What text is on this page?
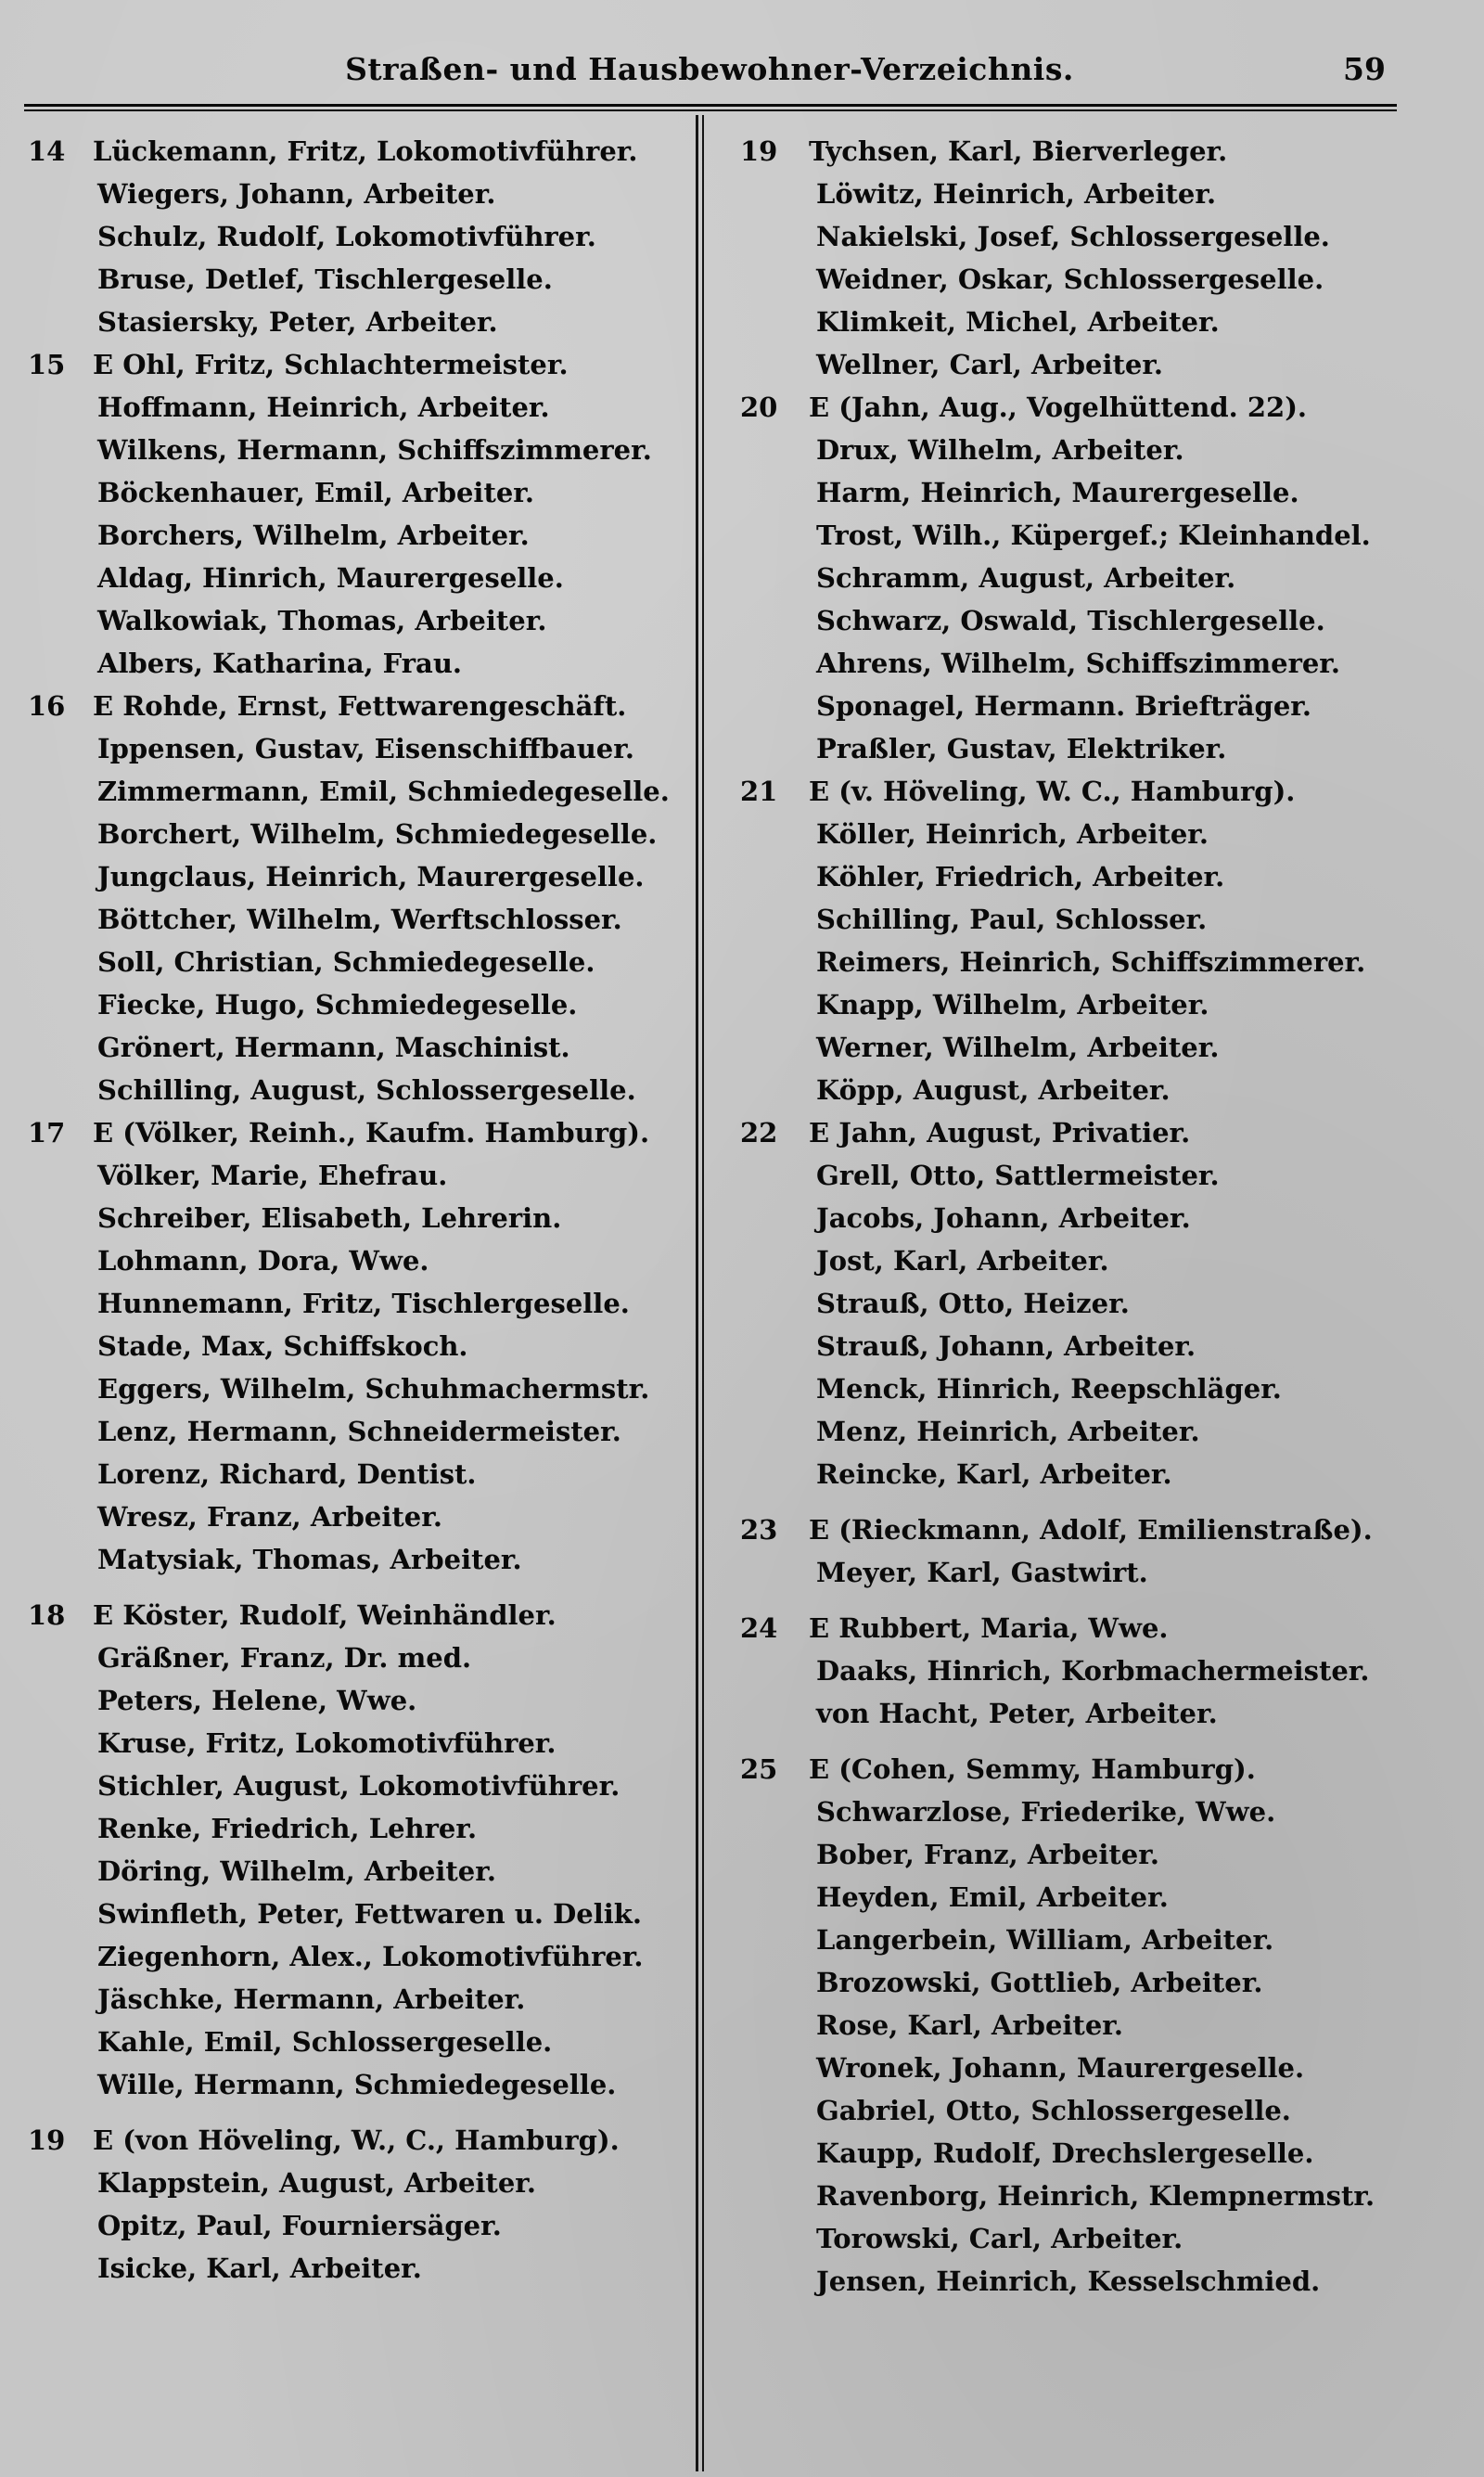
Straßen- und Hausbewohner-Verzeichnis.	59
14	Lückemann, Fritz, Lokomotivführer.
Wiegers, Johann, Arbeiter.
Schulz, Rudolf, Lokomotivführer.
Bruse, Detlef, Tischlergeselle.
Stasiersky, Peter, Arbeiter.
15	E Ohl, Fritz, Schlachtermeister.
Hoffmann, Heinrich, Arbeiter.
Wilkens, Hermann, Schiffszimmerer.
Böckenhauer, Emil, Arbeiter.
Borchers, Wilhelm, Arbeiter.
Aldag, Hinrich, Maurergeselle.
Walkowiak, Thomas, Arbeiter.
Albers, Katharina, Frau.
16	E Rohde, Ernst, Fettwarengeschäft.
Ippensen, Gustav, Eisenschiffbauer.
Zimmermann, Emil, Schmiedegeselle.
Borchert, Wilhelm, Schmiedegeselle.
Jungclaus, Heinrich, Maurergeselle.
Böttcher, Wilhelm, Werftschlosser.
Soll, Christian, Schmiedegeselle.
Fiecke, Hugo, Schmiedegeselle.
Grönert, Hermann, Maschinist.
Schilling, August, Schlossergeselle.
17	E (Völker, Reinh., Kaufm. Hamburg).
Völker, Marie, Ehefrau.
Schreiber, Elisabeth, Lehrerin.
Lohmann, Dora, Wwe.
Hunnemann, Fritz, Tischlergeselle.
Stade, Max, Schiffskoch.
Eggers, Wilhelm, Schuhmachermstr.
Lenz, Hermann, Schneidermeister.
Lorenz, Richard, Dentist.
Wresz, Franz, Arbeiter.
Matysiak, Thomas, Arbeiter.
18	E Köster, Rudolf, Weinhändler.
Gräßner, Franz, Dr. med.
Peters, Helene, Wwe.
Kruse, Fritz, Lokomotivführer.
Stichler, August, Lokomotivführer.
Renke, Friedrich, Lehrer.
Döring, Wilhelm, Arbeiter.
Swinfleth, Peter, Fettwaren u. Delik.
Ziegenhorn, Alex., Lokomotivführer.
Jäschke, Hermann, Arbeiter.
Kahle, Emil, Schlossergeselle.
Wille, Hermann, Schmiedegeselle.
19	E (von Höveling, W., C., Hamburg).
Klappstein, August, Arbeiter.
Opitz, Paul, Fourniersäger.
Isicke, Karl, Arbeiter.
19	Tychsen, Karl, Bierverleger.
Löwitz, Heinrich, Arbeiter.
Nakielski, Josef, Schlossergeselle.
Weidner, Oskar, Schlossergeselle.
Klimkeit, Michel, Arbeiter.
Wellner, Carl, Arbeiter.
20	E (Jahn, Aug., Vogelhüttend. 22).
Drux, Wilhelm, Arbeiter.
Harm, Heinrich, Maurergeselle.
Trost, Wilh., Küpergef.; Kleinhandel.
Schramm, August, Arbeiter.
Schwarz, Oswald, Tischlergeselle.
Ahrens, Wilhelm, Schiffszimmerer.
Sponagel, Hermann. Briefträger.
Praßler, Gustav, Elektriker.
21	E (v. Höveling, W. C., Hamburg).
Köller, Heinrich, Arbeiter.
Köhler, Friedrich, Arbeiter.
Schilling, Paul, Schlosser.
Reimers, Heinrich, Schiffszimmerer.
Knapp, Wilhelm, Arbeiter.
Werner, Wilhelm, Arbeiter.
Köpp, August, Arbeiter.
22	E Jahn, August, Privatier.
Grell, Otto, Sattlermeister.
Jacobs, Johann, Arbeiter.
Jost, Karl, Arbeiter.
Strauß, Otto, Heizer.
Strauß, Johann, Arbeiter.
Menck, Hinrich, Reepschläger.
Menz, Heinrich, Arbeiter.
Reincke, Karl, Arbeiter.
23	E (Rieckmann, Adolf, Emilienstraße).
Meyer, Karl, Gastwirt.
24	E Rubbert, Maria, Wwe.
Daaks, Hinrich, Korbmachermeister.
von Hacht, Peter, Arbeiter.
25	E (Cohen, Semmy, Hamburg).
Schwarzlose, Friederike, Wwe.
Bober, Franz, Arbeiter.
Heyden, Emil, Arbeiter.
Langerbein, William, Arbeiter.
Brozowski, Gottlieb, Arbeiter.
Rose, Karl, Arbeiter.
Wronek, Johann, Maurergeselle.
Gabriel, Otto, Schlossergeselle.
Kaupp, Rudolf, Drechslergeselle.
Ravenborg, Heinrich, Klempnermstr.
Torowski, Carl, Arbeiter.
Jensen, Heinrich, Kesselschmied.
